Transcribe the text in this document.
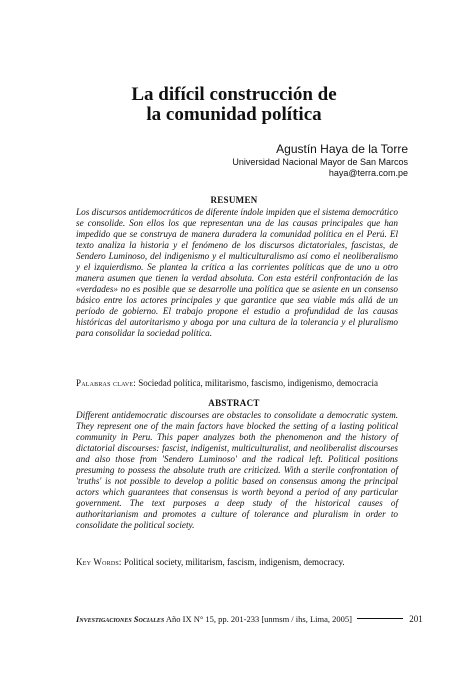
La difícil construcción de
la comunidad política
Agustín Haya de la Torre
Universidad Nacional Mayor de San Marcos
haya@terra.com.pe
RESUMEN
Los discursos antidemocráticos de diferente índole impiden que el sistema democrático se consolide. Son ellos los que representan una de las causas principales que han impedido que se construya de manera duradera la comunidad política en el Perú. El texto analiza la historia y el fenómeno de los discursos dictatoriales, fascistas, de Sendero Luminoso, del indigenismo y el multiculturalismo así como el neoliberalismo y el izquierdismo. Se plantea la crítica a las corrientes políticas que de uno u otro manera asumen que tienen la verdad absoluta. Con esta estéril confrontación de las «verdades» no es posible que se desarrolle una política que se asiente en un consenso básico entre los actores principales y que garantice que sea viable más allá de un período de gobierno. El trabajo propone el estudio a profundidad de las causas históricas del autoritarismo y aboga por una cultura de la tolerancia y el pluralismo para consolidar la sociedad política.
Palabras clave: Sociedad política, militarismo, fascismo, indigenismo, democracia
ABSTRACT
Different antidemocratic discourses are obstacles to consolidate a democratic system. They represent one of the main factors have blocked the setting of a lasting political community in Peru. This paper analyzes both the phenomenon and the history of dictatorial discourses: fascist, indigenist, multiculturalist, and neoliberalist discourses and also those from 'Sendero Luminoso' and the radical left. Political positions presuming to possess the absolute truth are criticized. With a sterile confrontation of 'truths' is not possible to develop a politic based on consensus among the principal actors which guarantees that consensus is worth beyond a period of any particular government. The text purposes a deep study of the historical causes of authoritarianism and promotes a culture of tolerance and pluralism in order to consolidate the political society.
Key Words: Political society, militarism, fascism, indigenism, democracy.
Investigaciones Sociales Año IX N° 15, pp. 201-233 [unmsm / ihs, Lima, 2005]	201
